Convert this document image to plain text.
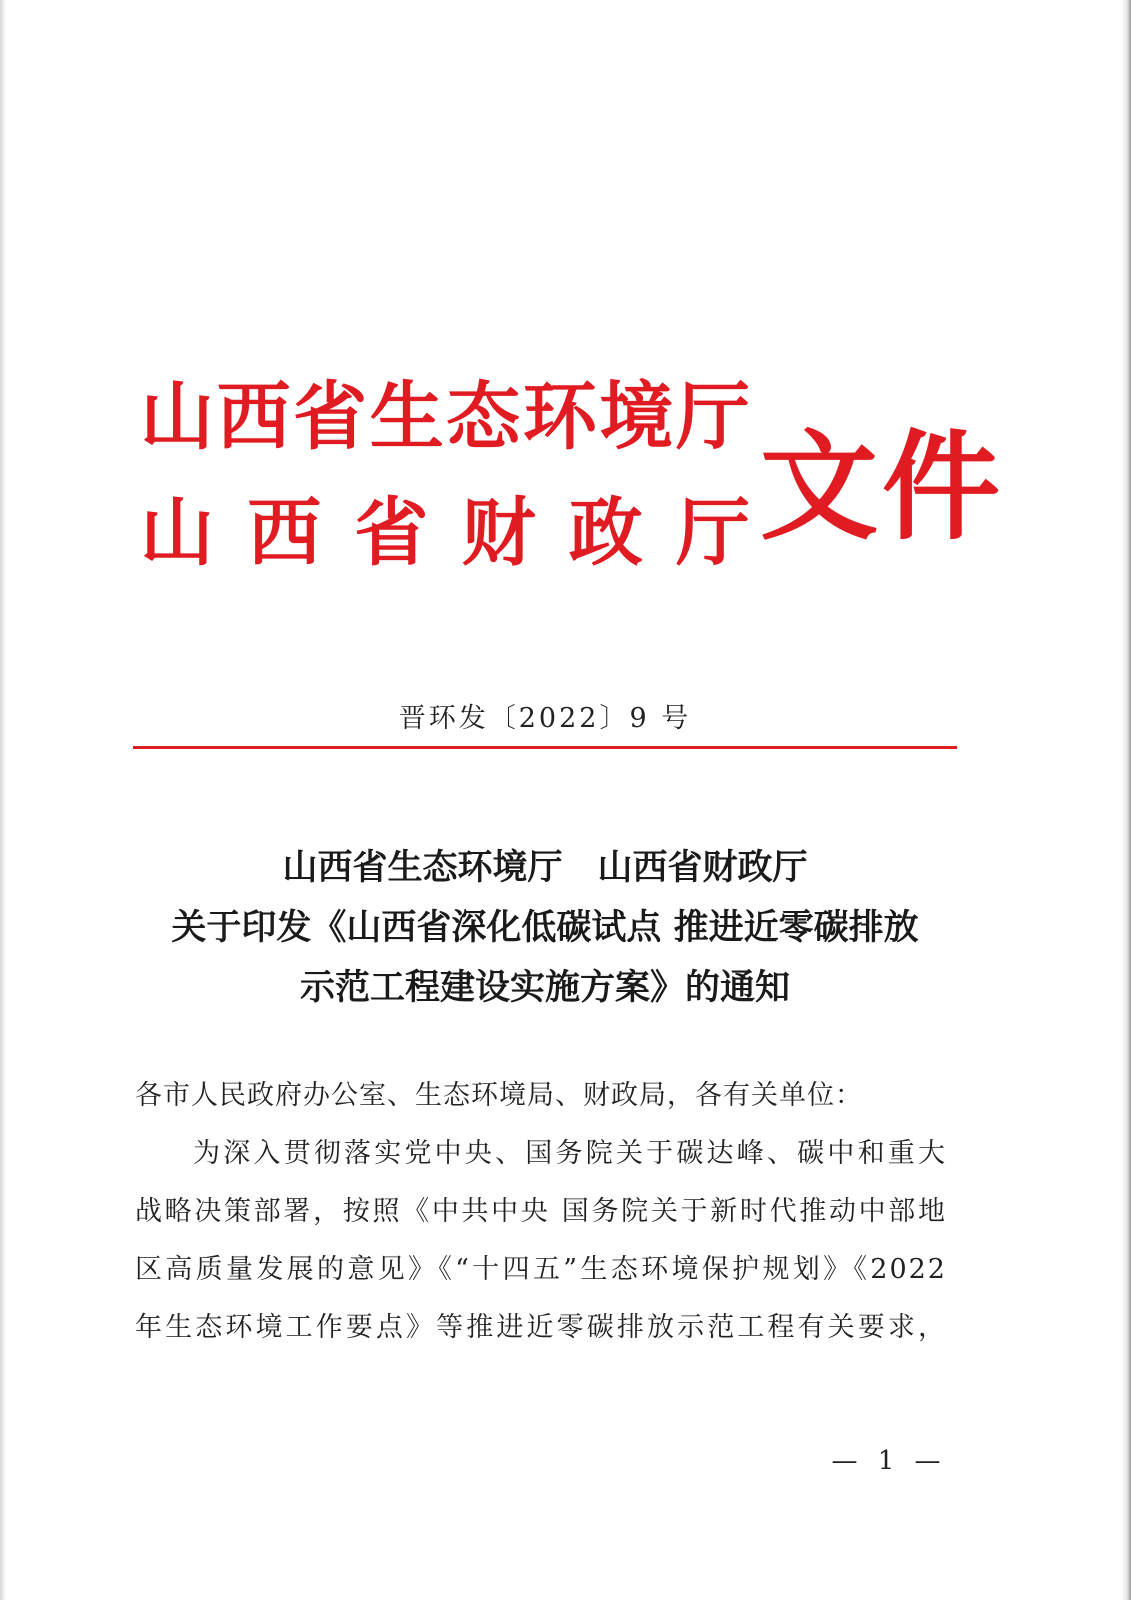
山 西 省 生 态 环 境 厅
山 西 省 财 政 厅 文件
晋环发〔2022〕9 号
山西省生态环境厅　山西省财政厅
关于印发《山西省深化低碳试点 推进近零碳排放
示范工程建设实施方案》的通知
各市人民政府办公室、生态环境局、财政局，各有关单位：
为深入贯彻落实党中央、国务院关于碳达峰、碳中和重大
战略决策部署，按照《中共中央 国务院关于新时代推动中部地
区高质量发展的意见》《“十四五”生态环境保护规划》《2022
年生态环境工作要点》等推进近零碳排放示范工程有关要求，
— 1 —
